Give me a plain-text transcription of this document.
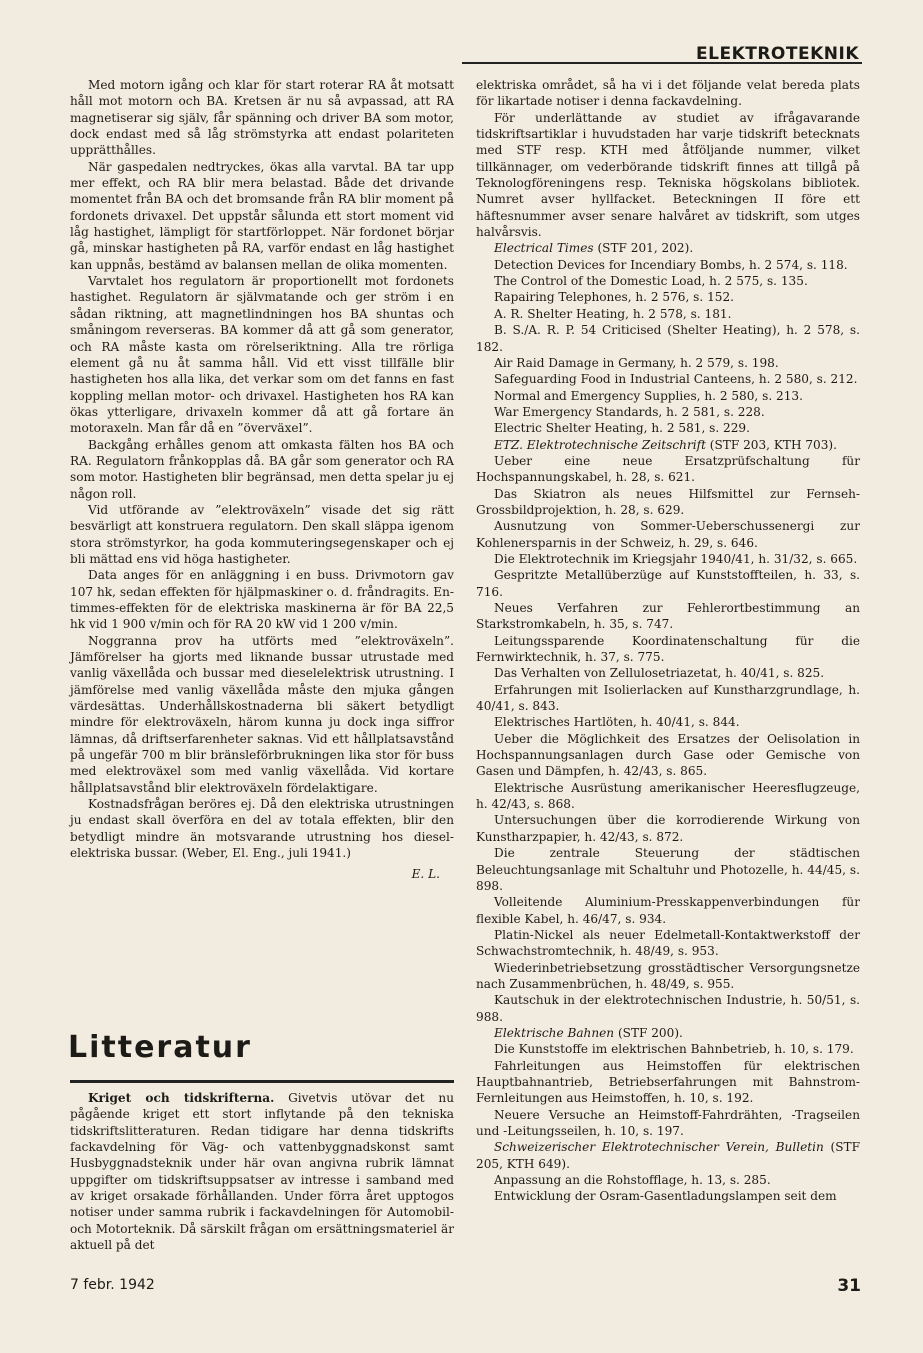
ELEKTROTEKNIK

Med motorn igång och klar för start roterar RA åt motsatt håll mot motorn och BA. Kretsen är nu så avpassad, att RA magnetiserar sig själv, får spänning och driver BA som motor, dock endast med så låg strömstyrka att endast polariteten upprätthålles.

När gaspedalen nedtryckes, ökas alla varvtal. BA tar upp mer effekt, och RA blir mera belastad. Både det drivande momentet från BA och det bromsande från RA blir moment på fordonets drivaxel. Det uppstår sålunda ett stort moment vid låg hastighet, lämpligt för startförloppet. När fordonet börjar gå, minskar hastigheten på RA, varför endast en låg hastighet kan uppnås, bestämd av balansen mellan de olika momenten.

Varvtalet hos regulatorn är proportionellt mot fordonets hastighet. Regulatorn är självmatande och ger ström i en sådan riktning, att magnetlindningen hos BA shuntas och småningom reverseras. BA kommer då att gå som generator, och RA måste kasta om rörelseriktning. Alla tre rörliga element gå nu åt samma håll. Vid ett visst tillfälle blir hastigheten hos alla lika, det verkar som om det fanns en fast koppling mellan motor- och drivaxel. Hastigheten hos RA kan ökas ytterligare, drivaxeln kommer då att gå fortare än motoraxeln. Man får då en ”överväxel”.

Backgång erhålles genom att omkasta fälten hos BA och RA. Regulatorn frånkopplas då. BA går som generator och RA som motor. Hastigheten blir begränsad, men detta spelar ju ej någon roll.

Vid utförande av ”elektroväxeln” visade det sig rätt besvärligt att konstruera regulatorn. Den skall släppa igenom stora strömstyrkor, ha goda kommuteringsegenskaper och ej bli mättad ens vid höga hastigheter.

Data anges för en anläggning i en buss. Drivmotorn gav 107 hk, sedan effekten för hjälpmaskiner o. d. fråndragits. En-timmes-effekten för de elektriska maskinerna är för BA 22,5 hk vid 1 900 v/min och för RA 20 kW vid 1 200 v/min.

Noggranna prov ha utförts med ”elektroväxeln”. Jämförelser ha gjorts med liknande bussar utrustade med vanlig växellåda och bussar med dieselelektrisk utrustning. I jämförelse med vanlig växellåda måste den mjuka gången värdesättas. Underhållskostnaderna bli säkert betydligt mindre för elektroväxeln, härom kunna ju dock inga siffror lämnas, då driftserfarenheter saknas. Vid ett hållplatsavstånd på ungefär 700 m blir bränsleförbrukningen lika stor för buss med elektroväxel som med vanlig växellåda. Vid kortare hållplatsavstånd blir elektroväxeln fördelaktigare.

Kostnadsfrågan beröres ej. Då den elektriska utrustningen ju endast skall överföra en del av totala effekten, blir den betydligt mindre än motsvarande utrustning hos diesel-elektriska bussar. (Weber, El. Eng., juli 1941.)

E. L.

Litteratur

Kriget och tidskrifterna. Givetvis utövar det nu pågående kriget ett stort inflytande på den tekniska tidskriftslitteraturen. Redan tidigare har denna tidskrifts fackavdelning för Väg- och vattenbyggnadskonst samt Husbyggnadsteknik under här ovan angivna rubrik lämnat uppgifter om tidskriftsuppsatser av intresse i samband med av kriget orsakade förhållanden. Under förra året upptogos notiser under samma rubrik i fackavdelningen för Automobil- och Motorteknik. Då särskilt frågan om ersättningsmateriel är aktuell på det

elektriska området, så ha vi i det följande velat bereda plats för likartade notiser i denna fackavdelning.

För underlättande av studiet av ifrågavarande tidskriftsartiklar i huvudstaden har varje tidskrift betecknats med STF resp. KTH med åtföljande nummer, vilket tillkännager, om vederbörande tidskrift finnes att tillgå på Teknologföreningens resp. Tekniska högskolans bibliotek. Numret avser hyllfacket. Beteckningen II före ett häftesnummer avser senare halvåret av tidskrift, som utges halvårsvis.

Electrical Times (STF 201, 202).

Detection Devices for Incendiary Bombs, h. 2 574, s. 118.

The Control of the Domestic Load, h. 2 575, s. 135.

Rapairing Telephones, h. 2 576, s. 152.

A. R. Shelter Heating, h. 2 578, s. 181.

B. S./A. R. P. 54 Criticised (Shelter Heating), h. 2 578, s. 182.

Air Raid Damage in Germany, h. 2 579, s. 198.

Safeguarding Food in Industrial Canteens, h. 2 580, s. 212.

Normal and Emergency Supplies, h. 2 580, s. 213.

War Emergency Standards, h. 2 581, s. 228.

Electric Shelter Heating, h. 2 581, s. 229.

ETZ. Elektrotechnische Zeitschrift (STF 203, KTH 703).

Ueber eine neue Ersatzprüfschaltung für Hochspannungskabel, h. 28, s. 621.

Das Skiatron als neues Hilfsmittel zur Fernseh-Grossbildprojektion, h. 28, s. 629.

Ausnutzung von Sommer-Ueberschussenergi zur Kohlenersparnis in der Schweiz, h. 29, s. 646.

Die Elektrotechnik im Kriegsjahr 1940/41, h. 31/32, s. 665.

Gespritzte Metallüberzüge auf Kunststoffteilen, h. 33, s. 716.

Neues Verfahren zur Fehlerortbestimmung an Starkstromkabeln, h. 35, s. 747.

Leitungssparende Koordinatenschaltung für die Fernwirktechnik, h. 37, s. 775.

Das Verhalten von Zellulosetriazetat, h. 40/41, s. 825.

Erfahrungen mit Isolierlacken auf Kunstharzgrundlage, h. 40/41, s. 843.

Elektrisches Hartlöten, h. 40/41, s. 844.

Ueber die Möglichkeit des Ersatzes der Oelisolation in Hochspannungsanlagen durch Gase oder Gemische von Gasen und Dämpfen, h. 42/43, s. 865.

Elektrische Ausrüstung amerikanischer Heeresflugzeuge, h. 42/43, s. 868.

Untersuchungen über die korrodierende Wirkung von Kunstharzpapier, h. 42/43, s. 872.

Die zentrale Steuerung der städtischen Beleuchtungsanlage mit Schaltuhr und Photozelle, h. 44/45, s. 898.

Volleitende Aluminium-Presskappenverbindungen für flexible Kabel, h. 46/47, s. 934.

Platin-Nickel als neuer Edelmetall-Kontaktwerkstoff der Schwachstromtechnik, h. 48/49, s. 953.

Wiederinbetriebsetzung grosstädtischer Versorgungsnetze nach Zusammenbrüchen, h. 48/49, s. 955.

Kautschuk in der elektrotechnischen Industrie, h. 50/51, s. 988.

Elektrische Bahnen (STF 200).

Die Kunststoffe im elektrischen Bahnbetrieb, h. 10, s. 179.

Fahrleitungen aus Heimstoffen für elektrischen Hauptbahnantrieb, Betriebserfahrungen mit Bahnstrom-Fernleitungen aus Heimstoffen, h. 10, s. 192.

Neuere Versuche an Heimstoff-Fahrdrähten, -Tragseilen und -Leitungsseilen, h. 10, s. 197.

Schweizerischer Elektrotechnischer Verein, Bulletin (STF 205, KTH 649).

Anpassung an die Rohstofflage, h. 13, s. 285.

Entwicklung der Osram-Gasentladungslampen seit dem

7 febr. 1942	31
